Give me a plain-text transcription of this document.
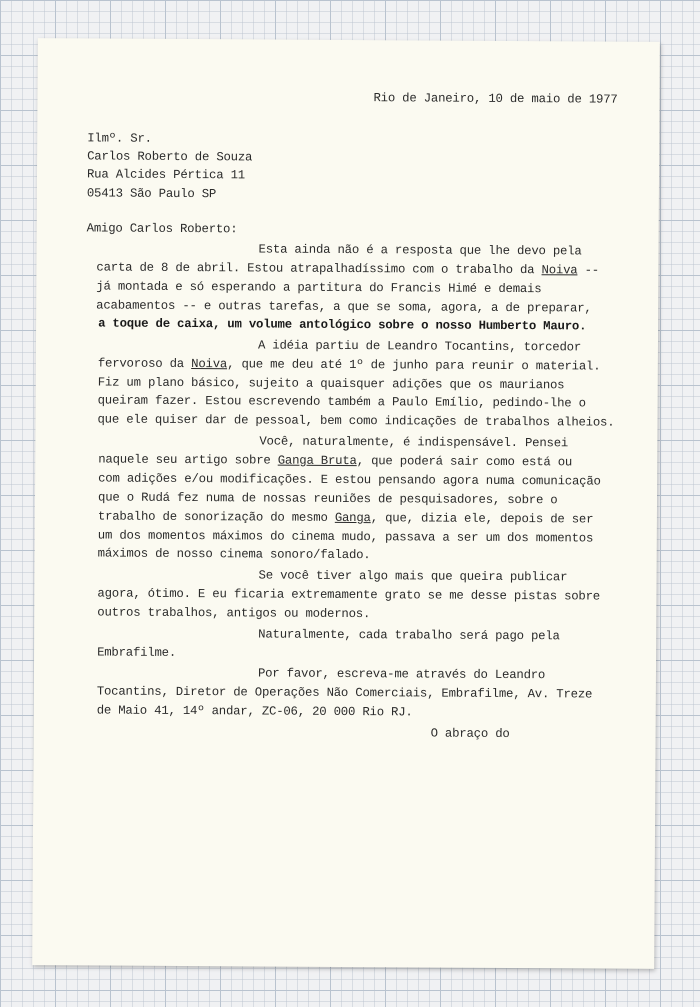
Rio de Janeiro, 10 de maio de 1977

Ilmº. Sr.

Carlos Roberto de Souza

Rua Alcides Pértica 11

05413 São Paulo SP

Amigo Carlos Roberto:

Esta ainda não é a resposta que lhe devo pela

carta de 8 de abril. Estou atrapalhadíssimo com o trabalho da Noiva --

já montada e só esperando a partitura do Francis Himé e demais

acabamentos -- e outras tarefas, a que se soma, agora, a de preparar,

a toque de caixa, um volume antológico sobre o nosso Humberto Mauro.

A idéia partiu de Leandro Tocantins, torcedor

fervoroso da Noiva, que me deu até 1º de junho para reunir o material.

Fiz um plano básico, sujeito a quaisquer adições que os maurianos

queiram fazer. Estou escrevendo também a Paulo Emílio, pedindo-lhe o

que ele quiser dar de pessoal, bem como indicações de trabalhos alheios.

Você, naturalmente, é indispensável. Pensei

naquele seu artigo sobre Ganga Bruta, que poderá sair como está ou

com adições e/ou modificações. E estou pensando agora numa comunicação

que o Rudá fez numa de nossas reuniões de pesquisadores, sobre o

trabalho de sonorização do mesmo Ganga, que, dizia ele, depois de ser

um dos momentos máximos do cinema mudo, passava a ser um dos momentos

máximos de nosso cinema sonoro/falado.

Se você tiver algo mais que queira publicar

agora, ótimo. E eu ficaria extremamente grato se me desse pistas sobre

outros trabalhos, antigos ou modernos.

Naturalmente, cada trabalho será pago pela

Embrafilme.

Por favor, escreva-me através do Leandro

Tocantins, Diretor de Operações Não Comerciais, Embrafilme, Av. Treze

de Maio 41, 14º andar, ZC-06, 20 000 Rio RJ.

O abraço do
